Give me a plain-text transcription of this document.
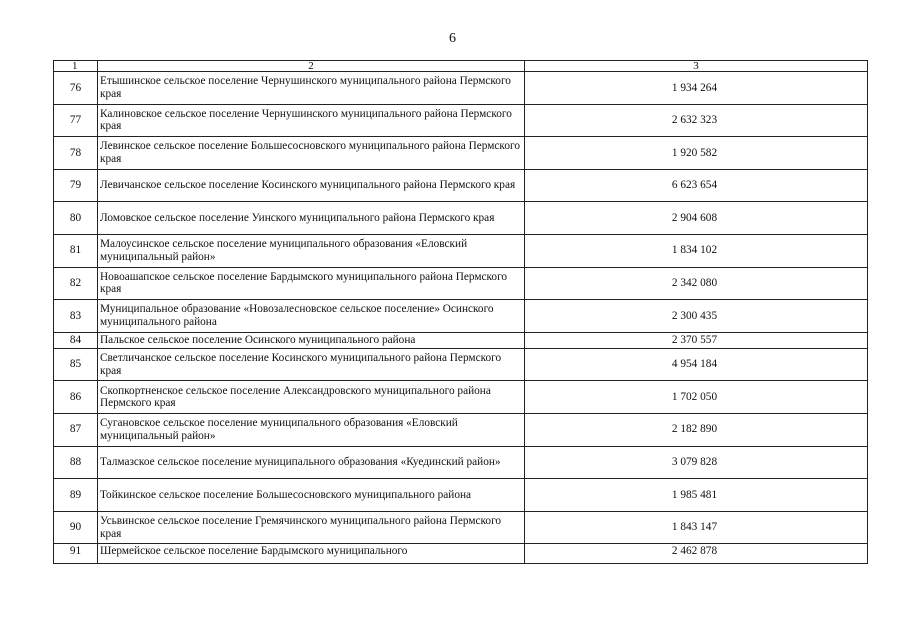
6
1	2	3
76	Етышинское сельское поселение Чернушинского муниципального района Пермского края	1 934 264
77	Калиновское сельское поселение Чернушинского муниципального района Пермского края	2 632 323
78	Левинское сельское поселение Большесосновского муниципального района Пермского края	1 920 582
79	Левичанское сельское поселение Косинского муниципального района Пермского края	6 623 654
80	Ломовское сельское поселение Уинского муниципального района Пермского края	2 904 608
81	Малоусинское сельское поселение муниципального образования «Еловский муниципальный район»	1 834 102
82	Новоашапское сельское поселение Бардымского муниципального района Пермского края	2 342 080
83	Муниципальное образование «Новозалесновское сельское поселение» Осинского муниципального района	2 300 435
84	Пальское сельское поселение Осинского муниципального района	2 370 557
85	Светличанское сельское поселение Косинского муниципального района Пермского края	4 954 184
86	Скопкортненское сельское поселение Александровского муниципального района Пермского края	1 702 050
87	Сугановское сельское поселение муниципального образования «Еловский муниципальный район»	2 182 890
88	Талмазское сельское поселение муниципального образования «Куединский район»	3 079 828
89	Тойкинское сельское поселение Большесосновского муниципального района	1 985 481
90	Усьвинское сельское поселение Гремячинского муниципального района Пермского края	1 843 147
91	Шермейское сельское поселение Бардымского муниципального	2 462 878
